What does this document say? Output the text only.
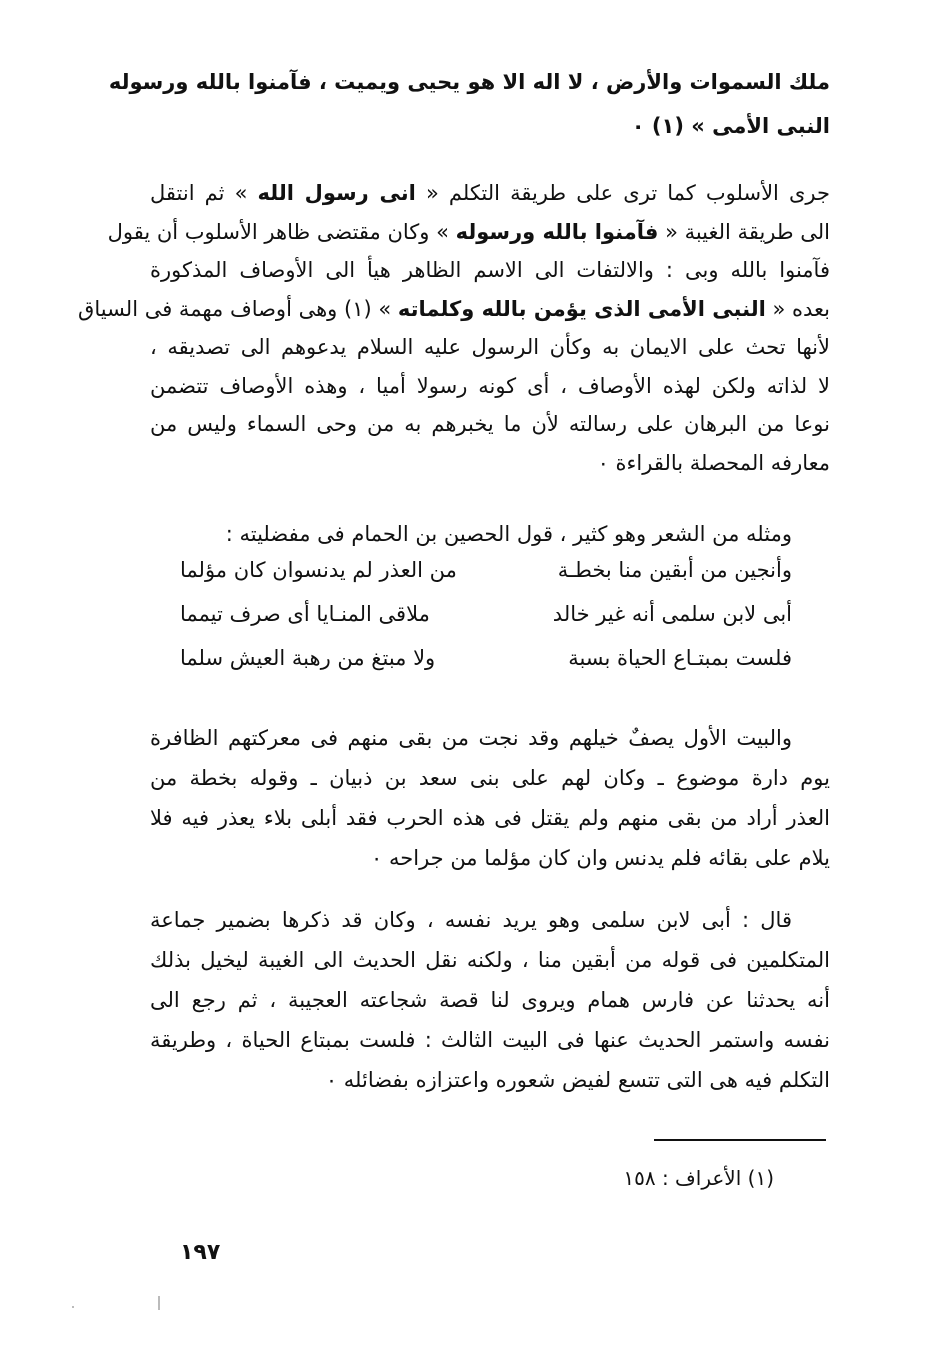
ملك السموات والأرض ، لا اله الا هو يحيى ويميت ، فآمنوا بالله ورسوله
النبى الأمى » (١) ٠
جرى الأسلوب كما ترى على طريقة التكلم « انى رسول الله » ثم انتقل
الى طريقة الغيبة « فآمنوا بالله ورسوله » وكان مقتضى ظاهر الأسلوب أن يقول
فآمنوا بالله وبى : والالتفات الى الاسم الظاهر هيأ الى الأوصاف المذكورة
بعده « النبى الأمى الذى يؤمن بالله وكلماته » (١) وهى أوصاف مهمة فى السياق
لأنها تحث على الايمان به وكأن الرسول عليه السلام يدعوهم الى تصديقه ،
لا لذاته ولكن لهذه الأوصاف ، أى كونه رسولا أميا ، وهذه الأوصاف تتضمن
نوعا من البرهان على رسالته لأن ما يخبرهم به من وحى السماء وليس من
معارفه المحصلة بالقراءة ٠
ومثله من الشعر وهو كثير ، قول الحصين بن الحمام فى مفضليته :
وأنجين من أبقين منا بخطـة
من العذر لم يدنسوان كان مؤلما
أبى لابن سلمى أنه غير خالد
ملاقى المنـايا أى صرف تيمما
فلست بمبتـاع الحياة بسبة
ولا مبتغ من رهبة العيش سلما
والبيت الأول يصفٌ خيلهم وقد نجت من بقى منهم فى معركتهم الظافرة
يوم دارة موضوع ـ وكان لهم على بنى سعد بن ذبيان ـ وقوله بخطة من
العذر أراد من بقى منهم ولم يقتل فى هذه الحرب فقد أبلى بلاء يعذر فيه فلا
يلام على بقائه فلم يدنس وان كان مؤلما من جراحه ٠
قال : أبى لابن سلمى وهو يريد نفسه ، وكان قد ذكرها بضمير جماعة
المتكلمين فى قوله من أبقين منا ، ولكنه نقل الحديث الى الغيبة ليخيل بذلك
أنه يحدثنا عن فارس همام ويروى لنا قصة شجاعته العجيبة ، ثم رجع الى
نفسه واستمر الحديث عنها فى البيت الثالث : فلست بمبتاع الحياة ، وطريقة
التكلم فيه هى التى تتسع لفيض شعوره واعتزازه بفضائله ٠
(١) الأعراف : ١٥٨
١٩٧
